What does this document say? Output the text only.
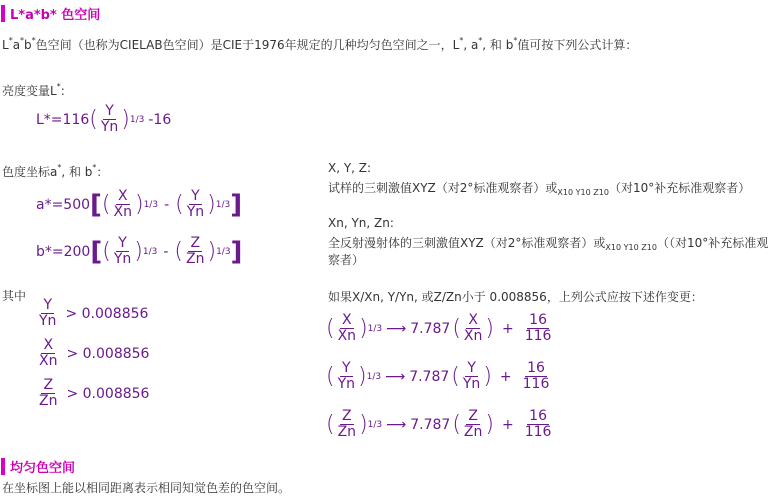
L*a*b* 色空间
L*a*b*色空间（也称为CIELAB色空间）是CIE于1976年规定的几种均匀色空间之一，L*, a*, 和 b*值可按下列公式计算：
亮度变量L*:
L*=116 ( $\frac{Y}{Yn}$ ) 1/3 -16
色度坐标a*, 和 b*：
a*=500 [ ( $\frac{X}{Xn}$ ) 1/3 - ( $\frac{Y}{Yn}$ ) 1/3 ]
b*=200 [ ( $\frac{Y}{Yn}$ ) 1/3 - ( $\frac{Z}{Zn}$ ) 1/3 ]
其中
$\frac{Y}{Yn} > 0.008856$
$\frac{X}{Xn} > 0.008856$
$\frac{Z}{Zn} > 0.008856$
X, Y, Z:
试样的三刺激值XYZ（对2°标准观察者）或$_{X10 Y10 Z10}$（对10°补充标准观察者）
Xn, Yn, Zn:
全反射漫射体的三刺激值XYZ（对2°标准观察者）或$_{X10 Y10 Z10}$（（对10°补充标准观
察者）
如果X/Xn, Y/Yn, 或Z/Zn小于 0.008856，上列公式应按下述作变更：
( $\frac{X}{Xn}$ ) 1/3 ⟶ 7.787 ( $\frac{X}{Xn}$ ) + $\frac{16}{116}$
( $\frac{Y}{Yn}$ ) 1/3 ⟶ 7.787 ( $\frac{Y}{Yn}$ ) + $\frac{16}{116}$
( $\frac{Z}{Zn}$ ) 1/3 ⟶ 7.787 ( $\frac{Z}{Zn}$ ) + $\frac{16}{116}$
均匀色空间
在坐标图上能以相同距离表示相同知觉色差的色空间。
